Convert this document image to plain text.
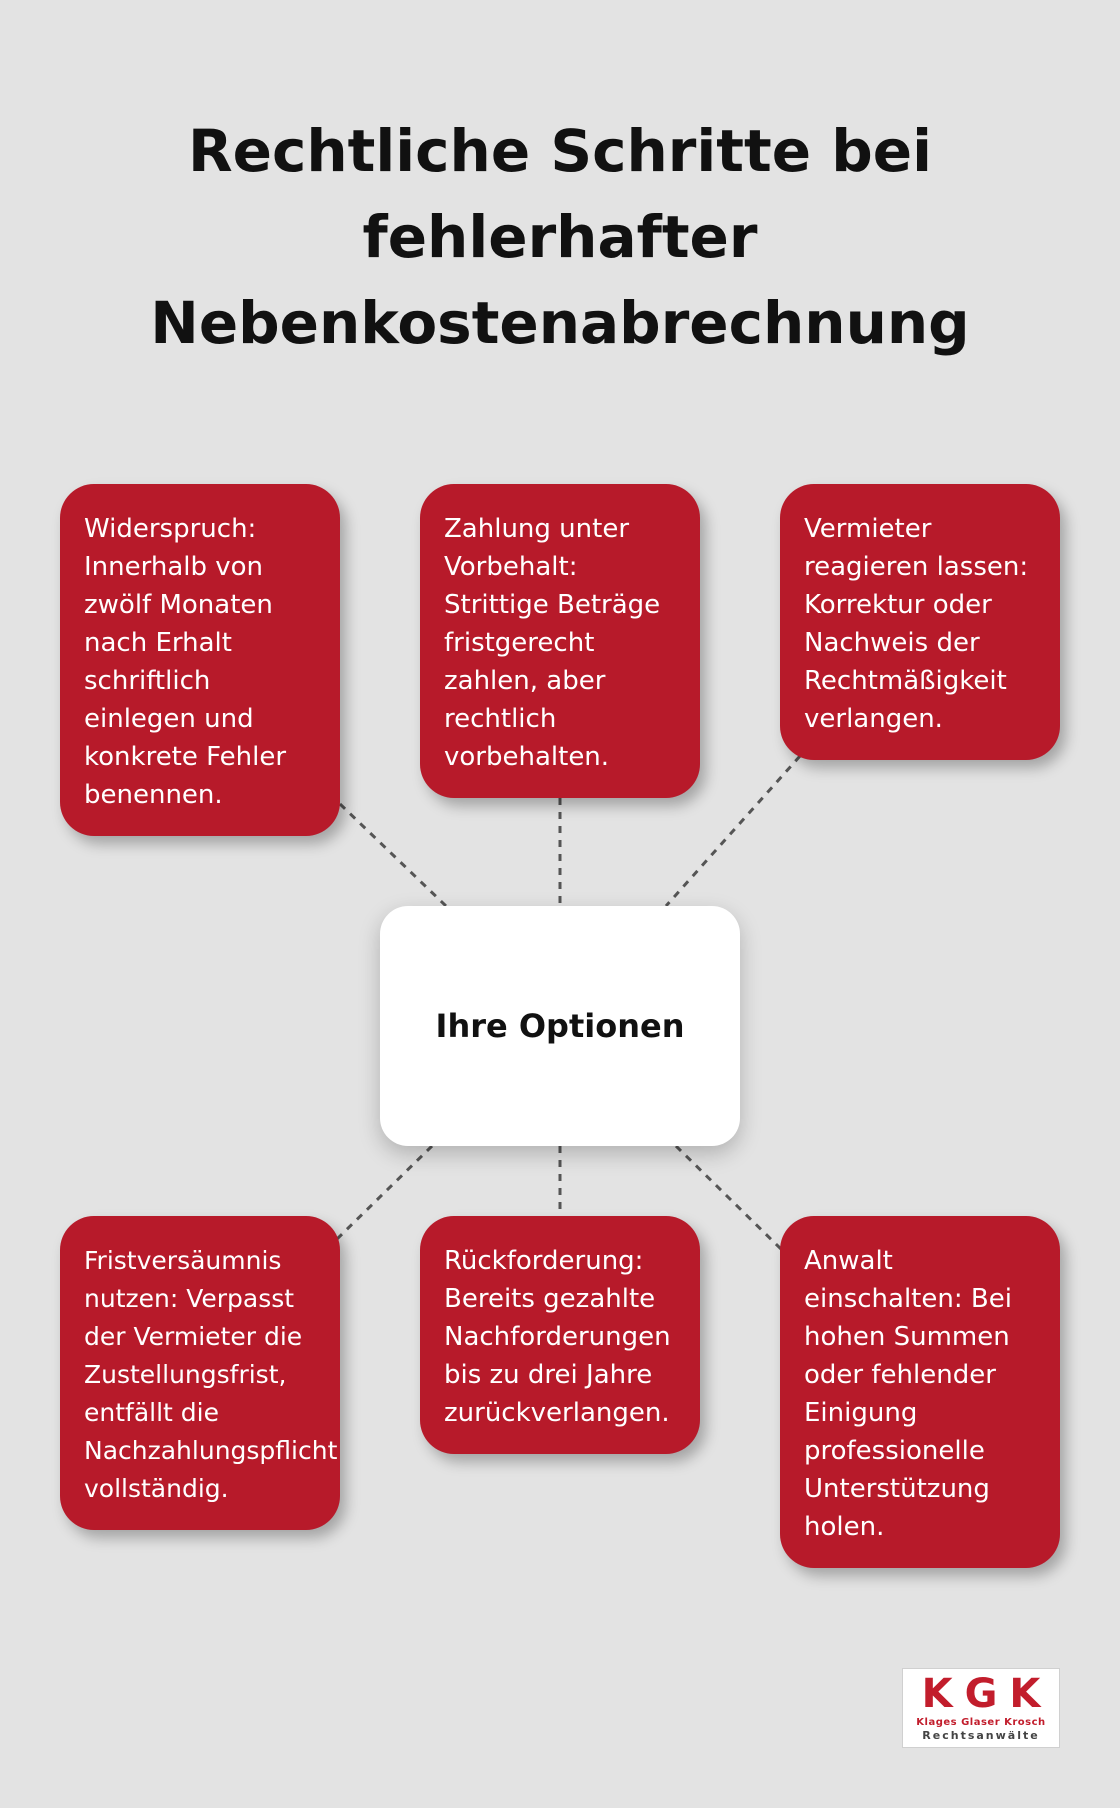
Rechtliche Schritte bei
fehlerhafter
Nebenkostenabrechnung
Widerspruch: Innerhalb von zwölf Monaten nach Erhalt schriftlich einlegen und konkrete Fehler benennen.
Zahlung unter Vorbehalt: Strittige Beträge fristgerecht zahlen, aber rechtlich vorbehalten.
Vermieter reagieren lassen: Korrektur oder Nachweis der Rechtmäßigkeit verlangen.
Ihre Optionen
Fristversäumnis nutzen: Verpasst der Vermieter die Zustellungsfrist, entfällt die Nachzahlungspflicht vollständig.
Rückforderung: Bereits gezahlte Nachforderungen bis zu drei Jahre zurückverlangen.
Anwalt einschalten: Bei hohen Summen oder fehlender Einigung professionelle Unterstützung holen.
KGK
Klages Glaser Krosch
Rechtsanwälte
